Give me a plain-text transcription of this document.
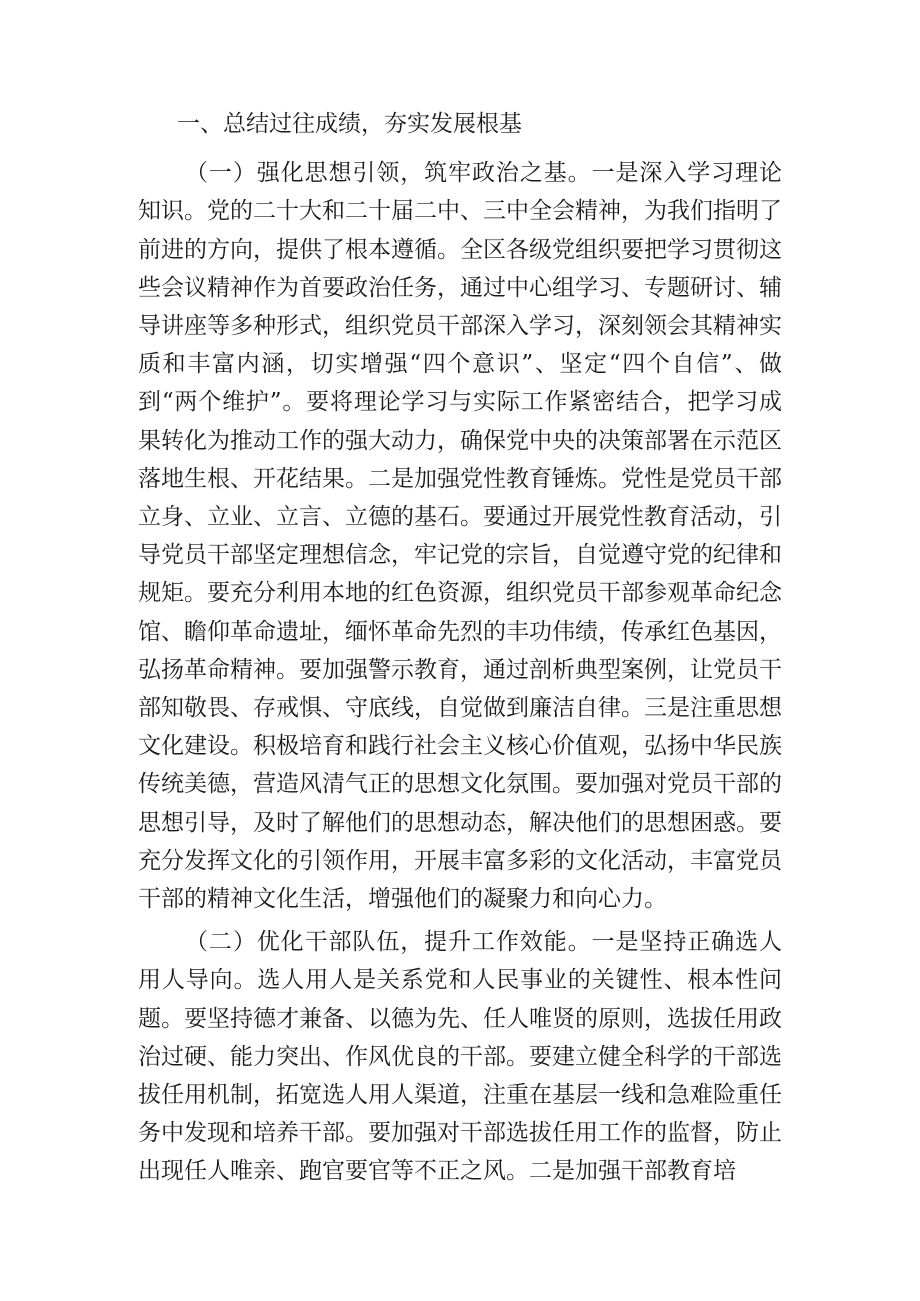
一、总结过往成绩，夯实发展根基

（一）强化思想引领，筑牢政治之基。一是深入学习理论知识。党的二十大和二十届二中、三中全会精神，为我们指明了前进的方向，提供了根本遵循。全区各级党组织要把学习贯彻这些会议精神作为首要政治任务，通过中心组学习、专题研讨、辅导讲座等多种形式，组织党员干部深入学习，深刻领会其精神实质和丰富内涵，切实增强“四个意识”、坚定“四个自信”、做到“两个维护”。要将理论学习与实际工作紧密结合，把学习成果转化为推动工作的强大动力，确保党中央的决策部署在示范区落地生根、开花结果。二是加强党性教育锤炼。党性是党员干部立身、立业、立言、立德的基石。要通过开展党性教育活动，引导党员干部坚定理想信念，牢记党的宗旨，自觉遵守党的纪律和规矩。要充分利用本地的红色资源，组织党员干部参观革命纪念馆、瞻仰革命遗址，缅怀革命先烈的丰功伟绩，传承红色基因，弘扬革命精神。要加强警示教育，通过剖析典型案例，让党员干部知敬畏、存戒惧、守底线，自觉做到廉洁自律。三是注重思想文化建设。积极培育和践行社会主义核心价值观，弘扬中华民族传统美德，营造风清气正的思想文化氛围。要加强对党员干部的思想引导，及时了解他们的思想动态，解决他们的思想困惑。要充分发挥文化的引领作用，开展丰富多彩的文化活动，丰富党员干部的精神文化生活，增强他们的凝聚力和向心力。

（二）优化干部队伍，提升工作效能。一是坚持正确选人用人导向。选人用人是关系党和人民事业的关键性、根本性问题。要坚持德才兼备、以德为先、任人唯贤的原则，选拔任用政治过硬、能力突出、作风优良的干部。要建立健全科学的干部选拔任用机制，拓宽选人用人渠道，注重在基层一线和急难险重任务中发现和培养干部。要加强对干部选拔任用工作的监督，防止出现任人唯亲、跑官要官等不正之风。二是加强干部教育培
